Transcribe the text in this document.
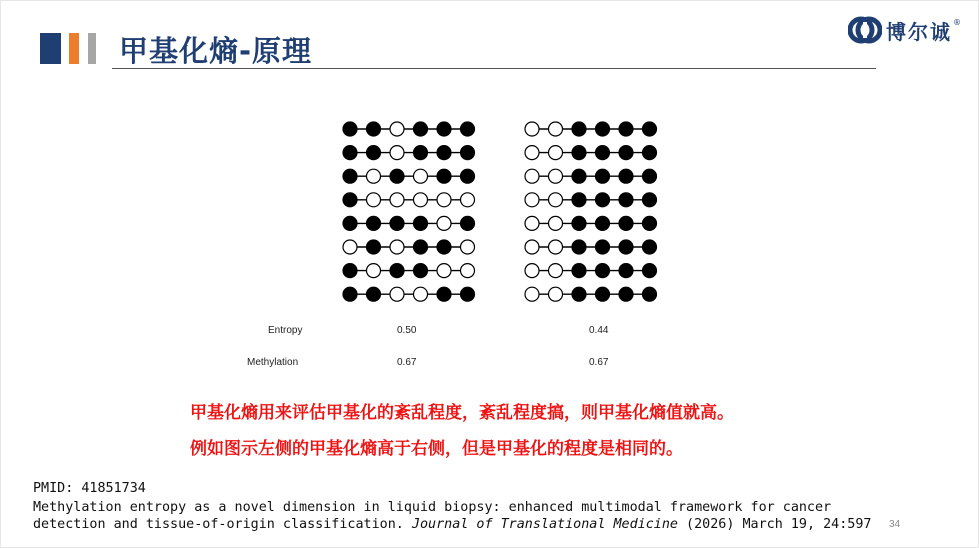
甲基化熵-原理
博尔诚 ®
Entropy	0.50	0.44
Methylation	0.67	0.67
甲基化熵用来评估甲基化的紊乱程度，紊乱程度搞，则甲基化熵值就高。
例如图示左侧的甲基化熵高于右侧，但是甲基化的程度是相同的。
PMID: 41851734
Methylation entropy as a novel dimension in liquid biopsy: enhanced multimodal framework for cancer
detection and tissue-of-origin classification. Journal of Translational Medicine (2026) March 19, 24:597 34
